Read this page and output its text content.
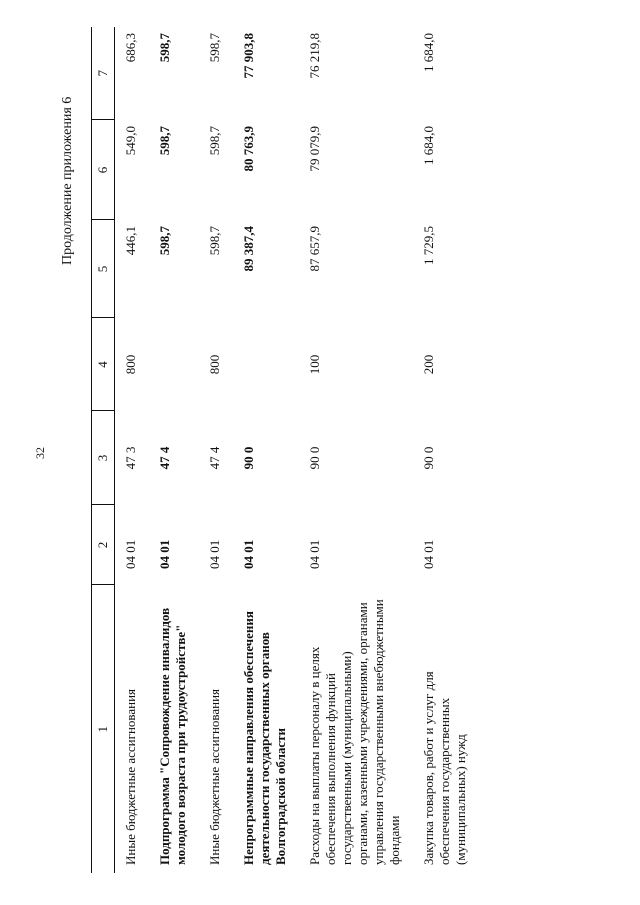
32
Продолжение приложения 6
1	2	3	4	5	6	7
Иные бюджетные ассигнования	04 01	47 3	800	446,1	549,0	686,3
Подпрограмма "Сопровождение инвалидов молодого возраста при трудоустройстве"	04 01	47 4		598,7	598,7	598,7
Иные бюджетные ассигнования	04 01	47 4	800	598,7	598,7	598,7
Непрограммные направления обеспечения деятельности государственных органов Волгоградской области	04 01	90 0		89 387,4	80 763,9	77 903,8
Расходы на выплаты персоналу в целях обеспечения выполнения функций государственными (муниципальными) органами, казенными учреждениями, органами управления государственными внебюджетными фондами	04 01	90 0	100	87 657,9	79 079,9	76 219,8
Закупка товаров, работ и услуг для обеспечения государственных (муниципальных) нужд	04 01	90 0	200	1 729,5	1 684,0	1 684,0
